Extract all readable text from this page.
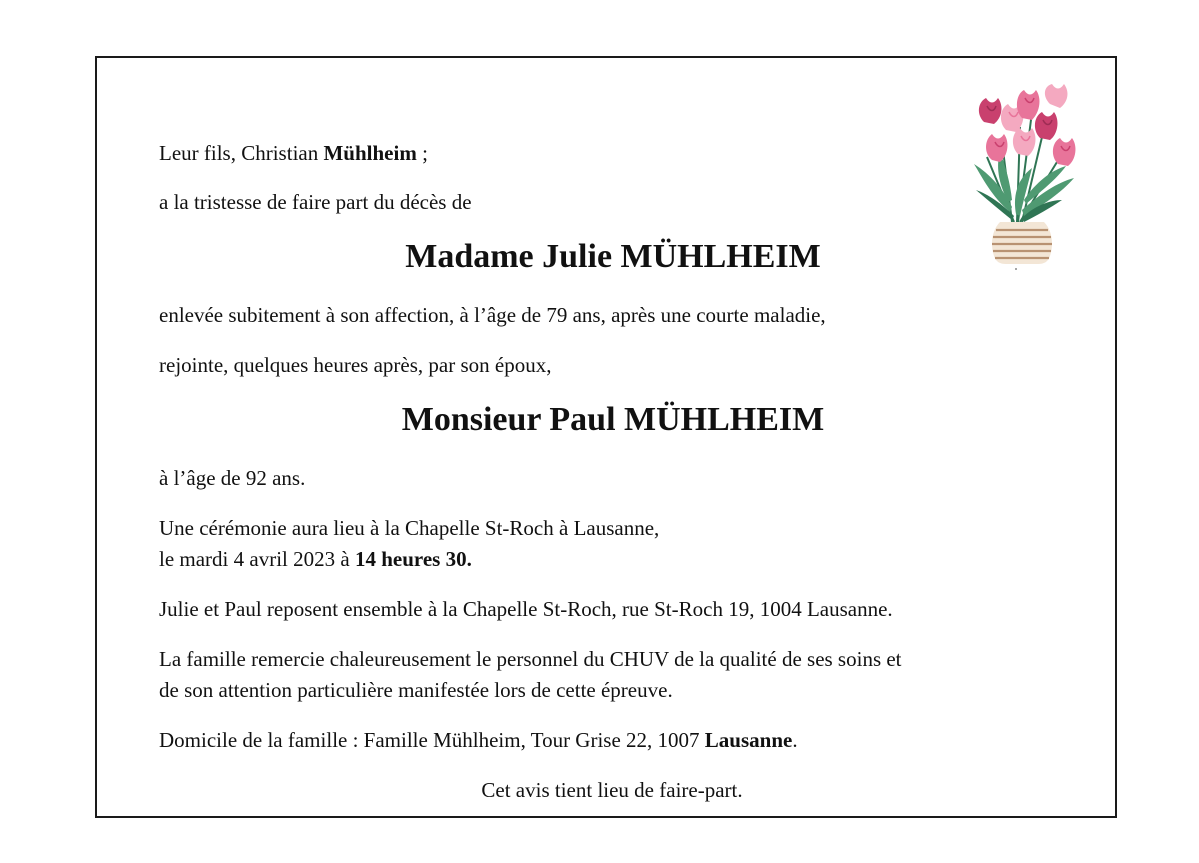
Leur fils, Christian Mühlheim ;
a la tristesse de faire part du décès de
Madame Julie MÜHLHEIM
enlevée subitement à son affection, à l’âge de 79 ans, après une courte maladie,
rejointe, quelques heures après, par son époux,
Monsieur Paul MÜHLHEIM
à l’âge de 92 ans.
Une cérémonie aura lieu à la Chapelle St-Roch à Lausanne,
le mardi 4 avril 2023 à 14 heures 30.
Julie et Paul reposent ensemble à la Chapelle St-Roch, rue St-Roch 19, 1004 Lausanne.
La famille remercie chaleureusement le personnel du CHUV de la qualité de ses soins et
de son attention particulière manifestée lors de cette épreuve.
Domicile de la famille : Famille Mühlheim, Tour Grise 22, 1007 Lausanne.
Cet avis tient lieu de faire-part.
